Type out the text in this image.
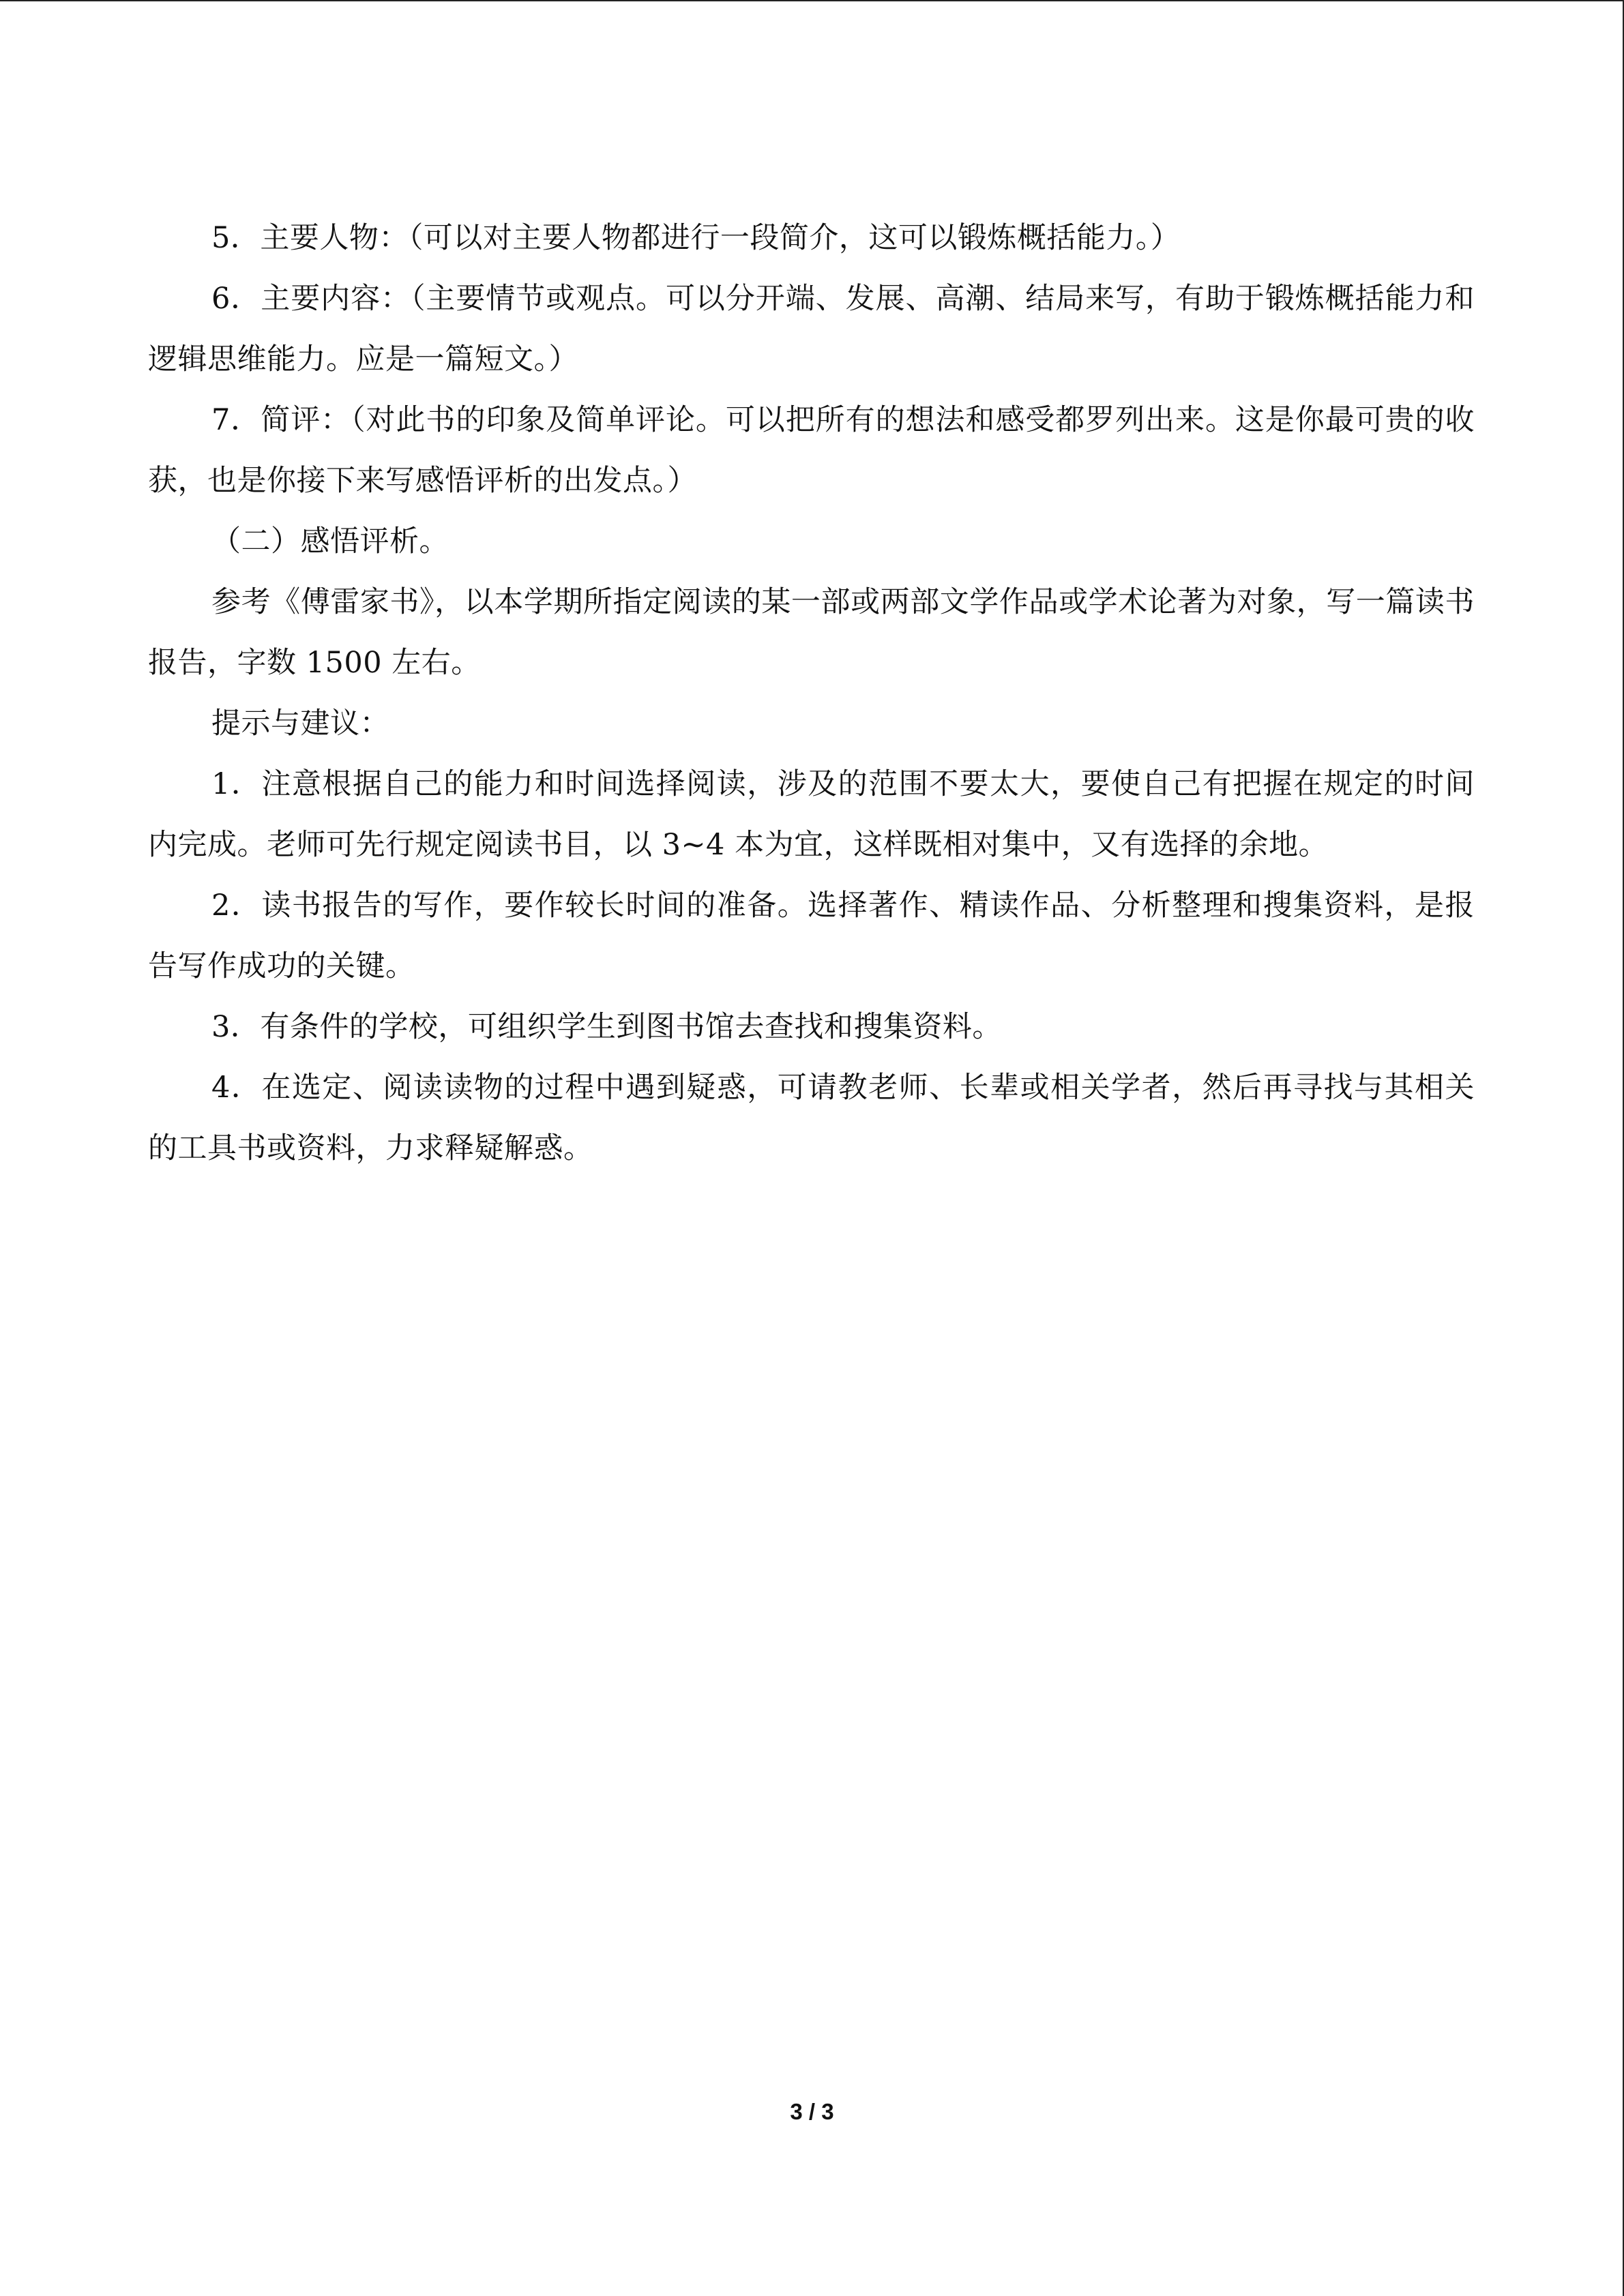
5．主要人物：（可以对主要人物都进行一段简介，这可以锻炼概括能力。）

6．主要内容：（主要情节或观点。可以分开端、发展、高潮、结局来写，有助于锻炼概括能力和逻辑思维能力。应是一篇短文。）

7．简评：（对此书的印象及简单评论。可以把所有的想法和感受都罗列出来。这是你最可贵的收获，也是你接下来写感悟评析的出发点。）

（二）感悟评析。

参考《傅雷家书》，以本学期所指定阅读的某一部或两部文学作品或学术论著为对象，写一篇读书报告，字数 1500 左右。

提示与建议：

1．注意根据自己的能力和时间选择阅读，涉及的范围不要太大，要使自己有把握在规定的时间内完成。老师可先行规定阅读书目，以 3~4 本为宜，这样既相对集中，又有选择的余地。

2．读书报告的写作，要作较长时间的准备。选择著作、精读作品、分析整理和搜集资料，是报告写作成功的关键。

3．有条件的学校，可组织学生到图书馆去查找和搜集资料。

4．在选定、阅读读物的过程中遇到疑惑，可请教老师、长辈或相关学者，然后再寻找与其相关的工具书或资料，力求释疑解惑。

3 / 3
